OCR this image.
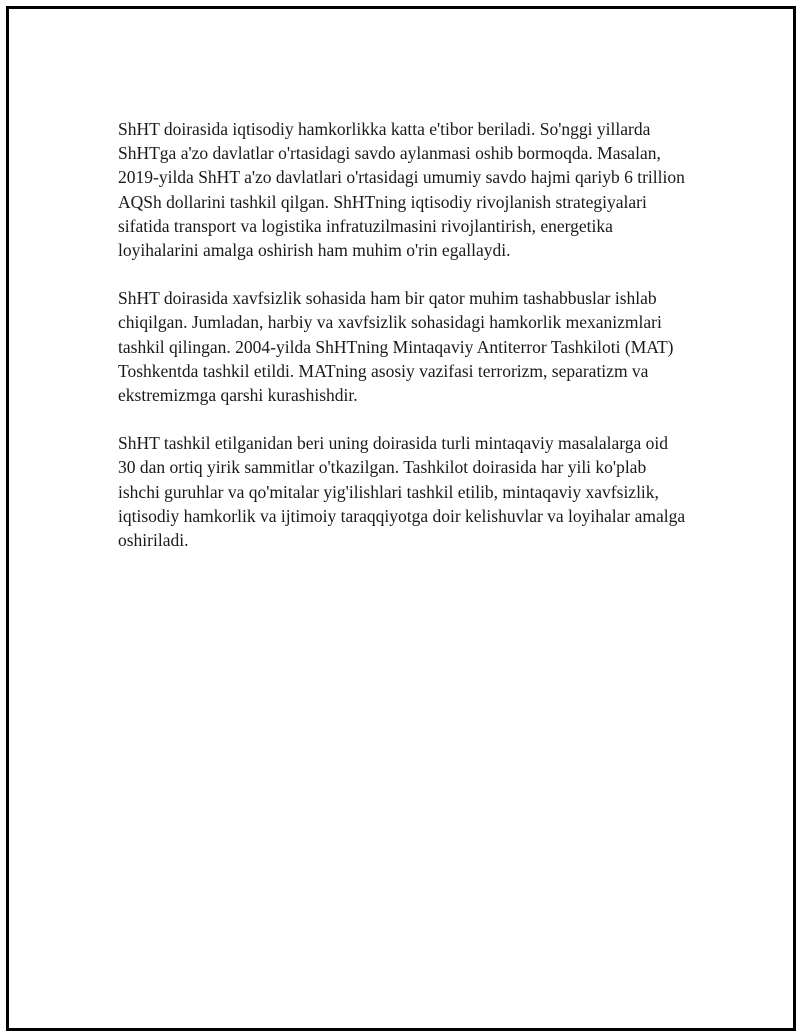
ShHT doirasida iqtisodiy hamkorlikka katta e'tibor beriladi. So'nggi yillarda ShHTga a'zo davlatlar o'rtasidagi savdo aylanmasi oshib bormoqda. Masalan, 2019-yilda ShHT a'zo davlatlari o'rtasidagi umumiy savdo hajmi qariyb 6 trillion AQSh dollarini tashkil qilgan. ShHTning iqtisodiy rivojlanish strategiyalari sifatida transport va logistika infratuzilmasini rivojlantirish, energetika loyihalarini amalga oshirish ham muhim o'rin egallaydi.

ShHT doirasida xavfsizlik sohasida ham bir qator muhim tashabbuslar ishlab chiqilgan. Jumladan, harbiy va xavfsizlik sohasidagi hamkorlik mexanizmlari tashkil qilingan. 2004-yilda ShHTning Mintaqaviy Antiterror Tashkiloti (MAT) Toshkentda tashkil etildi. MATning asosiy vazifasi terrorizm, separatizm va ekstremizmga qarshi kurashishdir.

ShHT tashkil etilganidan beri uning doirasida turli mintaqaviy masalalarga oid 30 dan ortiq yirik sammitlar o'tkazilgan. Tashkilot doirasida har yili ko'plab ishchi guruhlar va qo'mitalar yig'ilishlari tashkil etilib, mintaqaviy xavfsizlik, iqtisodiy hamkorlik va ijtimoiy taraqqiyotga doir kelishuvlar va loyihalar amalga oshiriladi.
